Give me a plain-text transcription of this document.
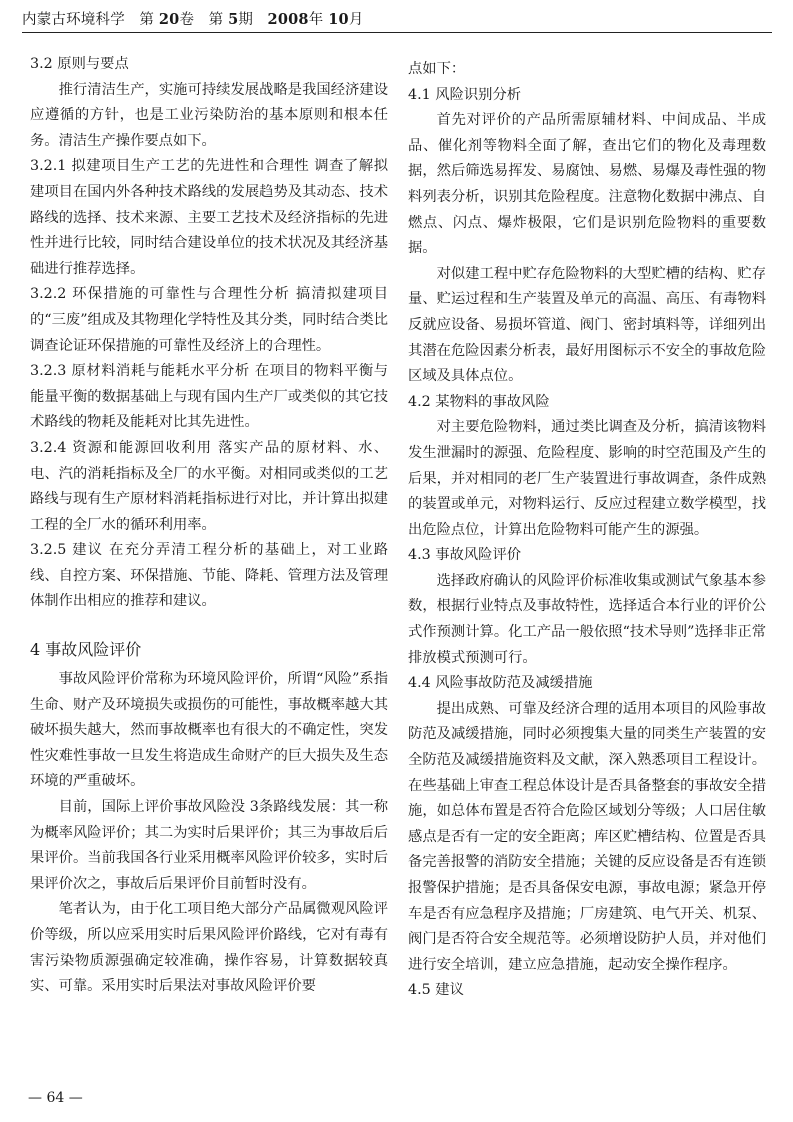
内蒙古环境科学 第 20卷 第 5期 2008年 10月

3.2 原则与要点

推行清洁生产，实施可持续发展战略是我国经济建设应遵循的方针，也是工业污染防治的基本原则和根本任务。清洁生产操作要点如下。

3.2.1 拟建项目生产工艺的先进性和合理性 调查了解拟建项目在国内外各种技术路线的发展趋势及其动态、技术路线的选择、技术来源、主要工艺技术及经济指标的先进性并进行比较，同时结合建设单位的技术状况及其经济基础进行推荐选择。

3.2.2 环保措施的可靠性与合理性分析 搞清拟建项目的“三废”组成及其物理化学特性及其分类，同时结合类比调查论证环保措施的可靠性及经济上的合理性。

3.2.3 原材料消耗与能耗水平分析 在项目的物料平衡与能量平衡的数据基础上与现有国内生产厂或类似的其它技术路线的物耗及能耗对比其先进性。

3.2.4 资源和能源回收利用 落实产品的原材料、水、电、汽的消耗指标及全厂的水平衡。对相同或类似的工艺路线与现有生产原材料消耗指标进行对比，并计算出拟建工程的全厂水的循环利用率。

3.2.5 建议 在充分弄清工程分析的基础上，对工业路线、自控方案、环保措施、节能、降耗、管理方法及管理体制作出相应的推荐和建议。

4 事故风险评价

事故风险评价常称为环境风险评价，所谓“风险”系指生命、财产及环境损失或损伤的可能性，事故概率越大其破坏损失越大，然而事故概率也有很大的不确定性，突发性灾难性事故一旦发生将造成生命财产的巨大损失及生态环境的严重破坏。

目前，国际上评价事故风险没 3条路线发展：其一称为概率风险评价；其二为实时后果评价；其三为事故后后果评价。当前我国各行业采用概率风险评价较多，实时后果评价次之，事故后后果评价目前暂时没有。

笔者认为，由于化工项目绝大部分产品属微观风险评价等级，所以应采用实时后果风险评价路线，它对有毒有害污染物质源强确定较准确，操作容易，计算数据较真实、可靠。采用实时后果法对事故风险评价要

点如下：

4.1 风险识别分析

首先对评价的产品所需原辅材料、中间成品、半成品、催化剂等物料全面了解，查出它们的物化及毒理数据，然后筛选易挥发、易腐蚀、易燃、易爆及毒性强的物料列表分析，识别其危险程度。注意物化数据中沸点、自燃点、闪点、爆炸极限，它们是识别危险物料的重要数据。

对似建工程中贮存危险物料的大型贮槽的结构、贮存量、贮运过程和生产装置及单元的高温、高压、有毒物料反就应设备、易损坏管道、阀门、密封填料等，详细列出其潜在危险因素分析表，最好用图标示不安全的事故危险区域及具体点位。

4.2 某物料的事故风险

对主要危险物料，通过类比调查及分析，搞清该物料发生泄漏时的源强、危险程度、影响的时空范围及产生的后果，并对相同的老厂生产装置进行事故调查，条件成熟的装置或单元，对物料运行、反应过程建立数学模型，找出危险点位，计算出危险物料可能产生的源强。

4.3 事故风险评价

选择政府确认的风险评价标准收集或测试气象基本参数，根据行业特点及事故特性，选择适合本行业的评价公式作预测计算。化工产品一般依照“技术导则”选择非正常排放模式预测可行。

4.4 风险事故防范及减缓措施

提出成熟、可靠及经济合理的适用本项目的风险事故防范及减缓措施，同时必须搜集大量的同类生产装置的安全防范及减缓措施资料及文献，深入熟悉项目工程设计。在些基础上审查工程总体设计是否具备整套的事故安全措施，如总体布置是否符合危险区域划分等级；人口居住敏感点是否有一定的安全距离；库区贮槽结构、位置是否具备完善报警的消防安全措施；关键的反应设备是否有连锁报警保护措施；是否具备保安电源，事故电源；紧急开停车是否有应急程序及措施；厂房建筑、电气开关、机泵、阀门是否符合安全规范等。必须增设防护人员，并对他们进行安全培训，建立应急措施，起动安全操作程序。

4.5 建议

— 64 —
